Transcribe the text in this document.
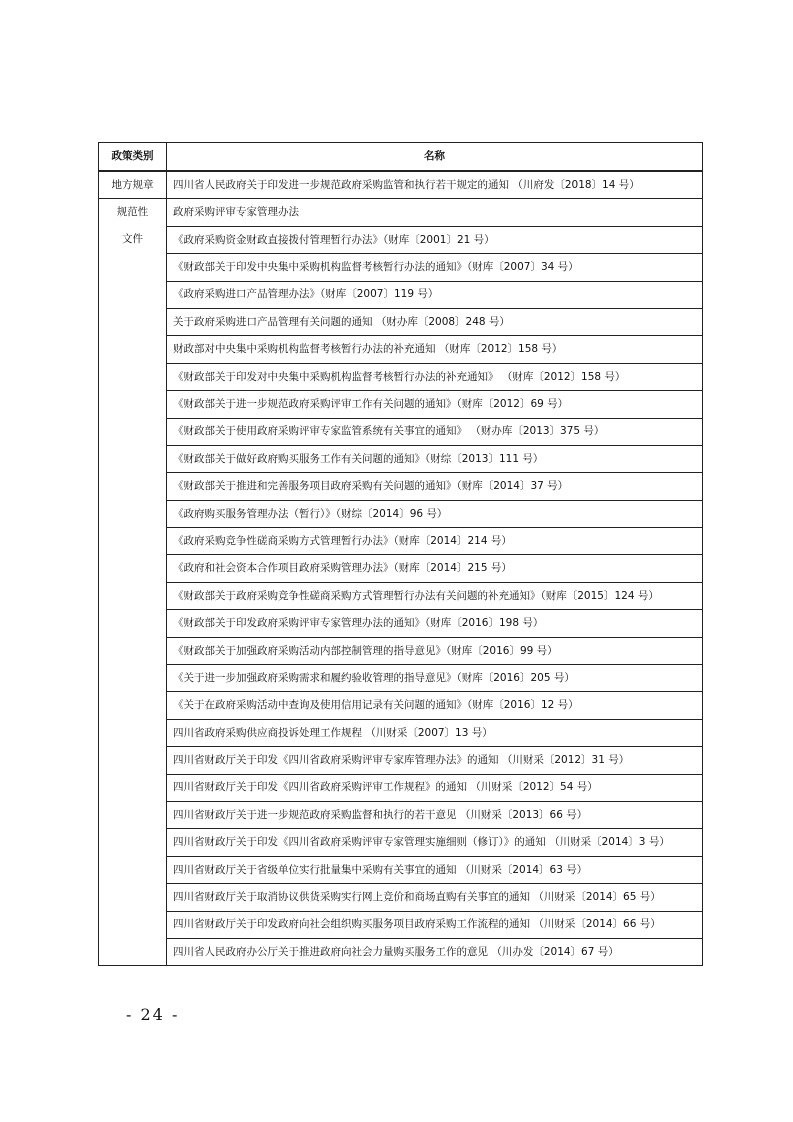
政策类别	名称

地方规章	四川省人民政府关于印发进一步规范政府采购监管和执行若干规定的通知 （川府发〔2018〕14 号）

规范性
文件	政府采购评审专家管理办法
	《政府采购资金财政直接拨付管理暂行办法》（财库〔2001〕21 号）
	《财政部关于印发中央集中采购机构监督考核暂行办法的通知》（财库〔2007〕34 号）
	《政府采购进口产品管理办法》（财库〔2007〕119 号）
	关于政府采购进口产品管理有关问题的通知 （财办库〔2008〕248 号）
	财政部对中央集中采购机构监督考核暂行办法的补充通知 （财库〔2012〕158 号）
	《财政部关于印发对中央集中采购机构监督考核暂行办法的补充通知》 （财库〔2012〕158 号）
	《财政部关于进一步规范政府采购评审工作有关问题的通知》（财库〔2012〕69 号）
	《财政部关于使用政府采购评审专家监管系统有关事宜的通知》 （财办库〔2013〕375 号）
	《财政部关于做好政府购买服务工作有关问题的通知》（财综〔2013〕111 号）
	《财政部关于推进和完善服务项目政府采购有关问题的通知》（财库〔2014〕37 号）
	《政府购买服务管理办法（暂行）》（财综〔2014〕96 号）
	《政府采购竞争性磋商采购方式管理暂行办法》（财库〔2014〕214 号）
	《政府和社会资本合作项目政府采购管理办法》（财库〔2014〕215 号）
	《财政部关于政府采购竞争性磋商采购方式管理暂行办法有关问题的补充通知》（财库〔2015〕124 号）
	《财政部关于印发政府采购评审专家管理办法的通知》（财库〔2016〕198 号）
	《财政部关于加强政府采购活动内部控制管理的指导意见》（财库〔2016〕99 号）
	《关于进一步加强政府采购需求和履约验收管理的指导意见》（财库〔2016〕205 号）
	《关于在政府采购活动中查询及使用信用记录有关问题的通知》（财库〔2016〕12 号）
	四川省政府采购供应商投诉处理工作规程 （川财采〔2007〕13 号）
	四川省财政厅关于印发《四川省政府采购评审专家库管理办法》的通知 （川财采〔2012〕31 号）
	四川省财政厅关于印发《四川省政府采购评审工作规程》的通知 （川财采〔2012〕54 号）
	四川省财政厅关于进一步规范政府采购监督和执行的若干意见 （川财采〔2013〕66 号）
	四川省财政厅关于印发《四川省政府采购评审专家管理实施细则（修订）》的通知 （川财采〔2014〕3 号）
	四川省财政厅关于省级单位实行批量集中采购有关事宜的通知 （川财采〔2014〕63 号）
	四川省财政厅关于取消协议供货采购实行网上竞价和商场直购有关事宜的通知 （川财采〔2014〕65 号）
	四川省财政厅关于印发政府向社会组织购买服务项目政府采购工作流程的通知 （川财采〔2014〕66 号）
	四川省人民政府办公厅关于推进政府向社会力量购买服务工作的意见 （川办发〔2014〕67 号）
- 24 -
